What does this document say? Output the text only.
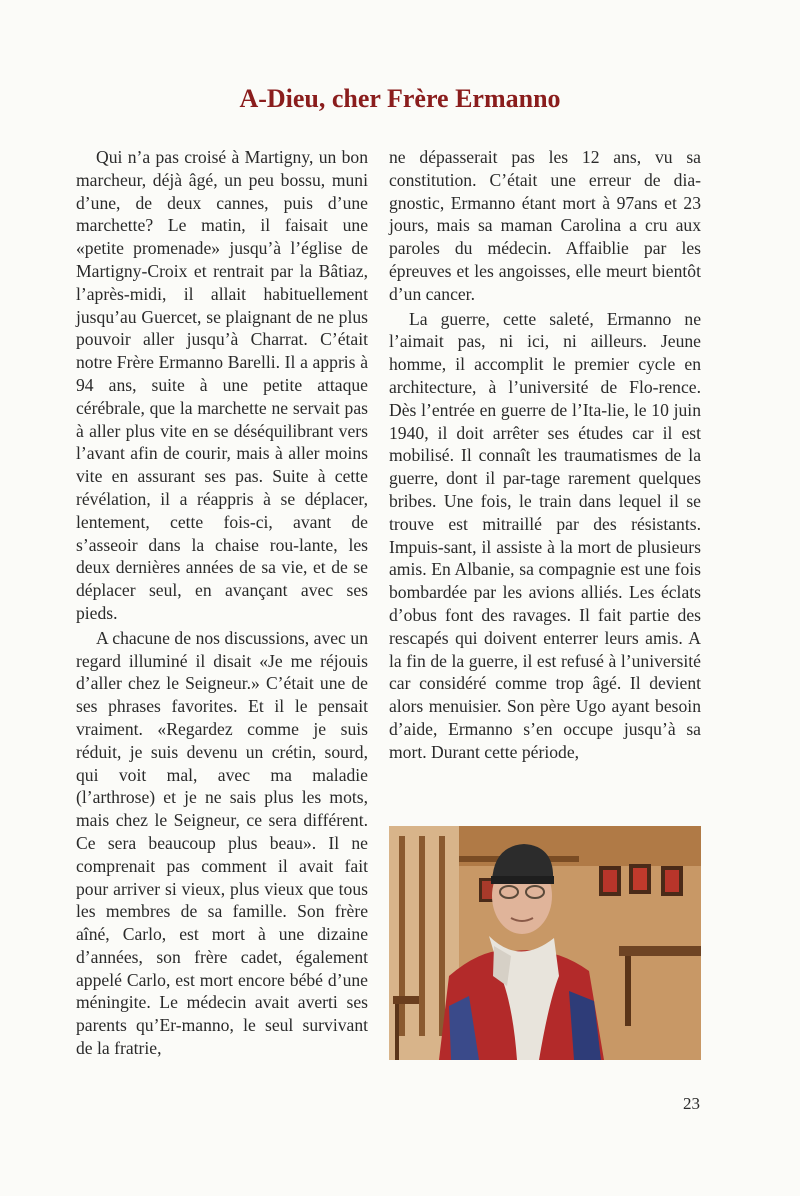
A-Dieu, cher Frère Ermanno

Qui n’a pas croisé à Martigny, un bon marcheur, déjà âgé, un peu bossu, muni d’une, de deux cannes, puis d’une marchette? Le matin, il faisait une «petite promenade» jusqu’à l’église de Martigny-Croix et rentrait par la Bâtiaz, l’après-midi, il allait habituellement jusqu’au Guercet, se plaignant de ne plus pouvoir aller jusqu’à Charrat. C’était notre Frère Ermanno Barelli. Il a appris à 94 ans, suite à une petite attaque cérébrale, que la marchette ne servait pas à aller plus vite en se déséquilibrant vers l’avant afin de courir, mais à aller moins vite en assurant ses pas. Suite à cette révélation, il a réappris à se déplacer, lentement, cette fois-ci, avant de s’asseoir dans la chaise rou-lante, les deux dernières années de sa vie, et de se déplacer seul, en avançant avec ses pieds.

A chacune de nos discussions, avec un regard illuminé il disait «Je me réjouis d’aller chez le Seigneur.» C’était une de ses phrases favorites. Et il le pensait vraiment. «Regardez comme je suis réduit, je suis devenu un crétin, sourd, qui voit mal, avec ma maladie (l’arthrose) et je ne sais plus les mots, mais chez le Seigneur, ce sera différent. Ce sera beaucoup plus beau». Il ne comprenait pas comment il avait fait pour arriver si vieux, plus vieux que tous les membres de sa famille. Son frère aîné, Carlo, est mort à une dizaine d’années, son frère cadet, également appelé Carlo, est mort encore bébé d’une méningite. Le médecin avait averti ses parents qu’Er-manno, le seul survivant de la fratrie,

ne dépasserait pas les 12 ans, vu sa constitution. C’était une erreur de dia-gnostic, Ermanno étant mort à 97ans et 23 jours, mais sa maman Carolina a cru aux paroles du médecin. Affaiblie par les épreuves et les angoisses, elle meurt bientôt d’un cancer.

La guerre, cette saleté, Ermanno ne l’aimait pas, ni ici, ni ailleurs. Jeune homme, il accomplit le premier cycle en architecture, à l’université de Flo-rence. Dès l’entrée en guerre de l’Ita-lie, le 10 juin 1940, il doit arrêter ses études car il est mobilisé. Il connaît les traumatismes de la guerre, dont il par-tage rarement quelques bribes. Une fois, le train dans lequel il se trouve est mitraillé par des résistants. Impuis-sant, il assiste à la mort de plusieurs amis. En Albanie, sa compagnie est une fois bombardée par les avions alliés. Les éclats d’obus font des ravages. Il fait partie des rescapés qui doivent enterrer leurs amis. A la fin de la guerre, il est refusé à l’université car considéré comme trop âgé. Il devient alors menuisier. Son père Ugo ayant besoin d’aide, Ermanno s’en occupe jusqu’à sa mort. Durant cette période,

23
